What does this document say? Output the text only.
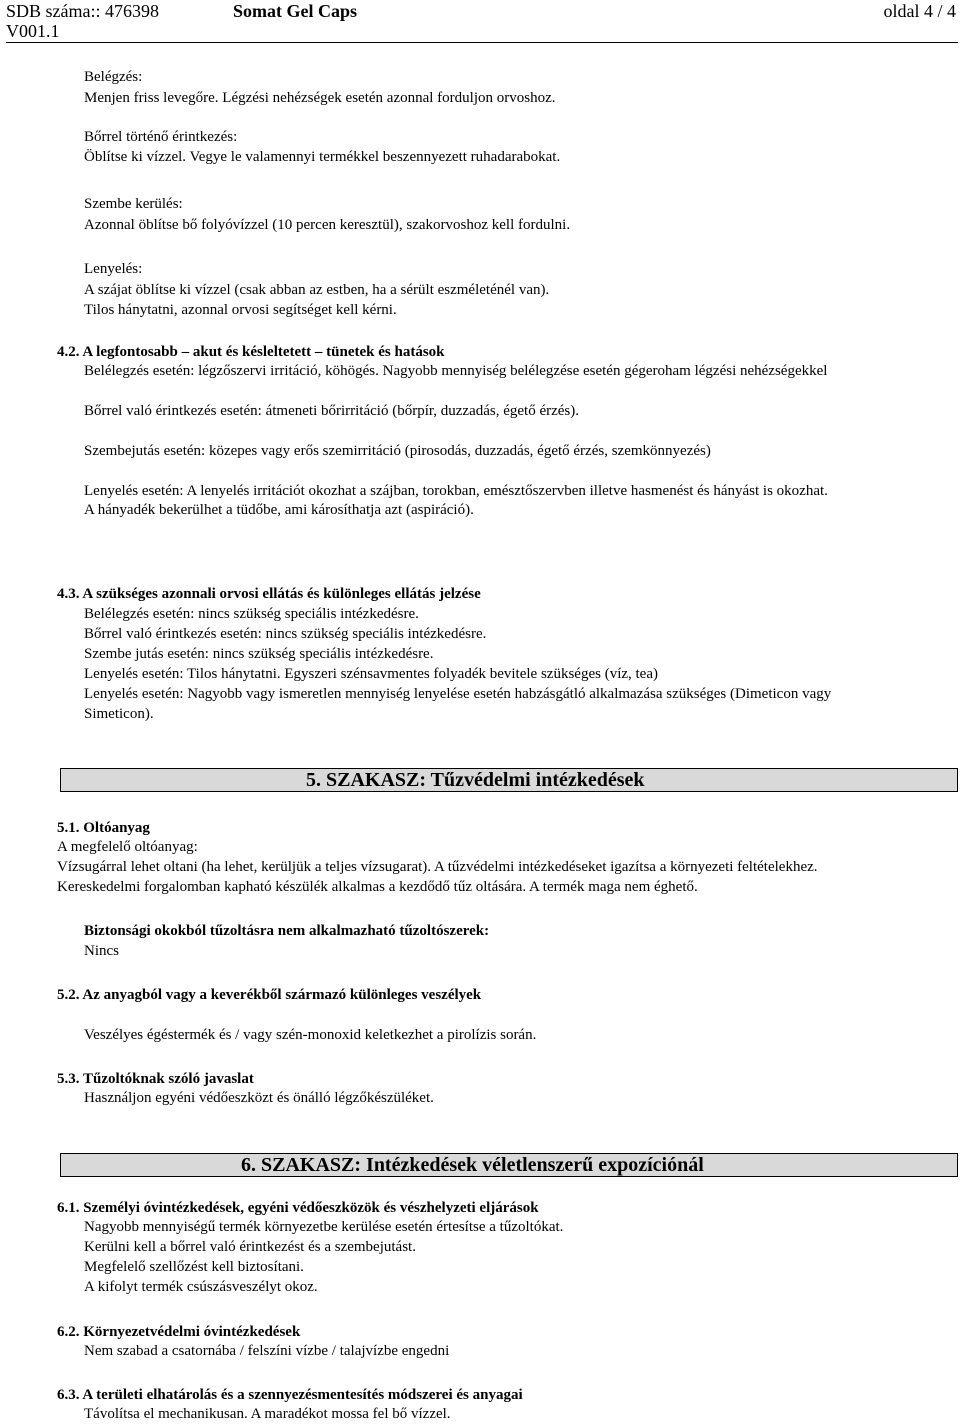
SDB száma:: 476398
V001.1
Somat Gel Caps	oldal 4 / 4
Belégzés:
Menjen friss levegőre. Légzési nehézségek esetén azonnal forduljon orvoshoz.
Bőrrel történő érintkezés:
Öblítse ki vízzel. Vegye le valamennyi termékkel beszennyezett ruhadarabokat.
Szembe kerülés:
Azonnal öblítse bő folyóvízzel (10 percen keresztül), szakorvoshoz kell fordulni.
Lenyelés:
A szájat öblítse ki vízzel (csak abban az estben, ha a sérült eszméleténél van).
Tilos hánytatni, azonnal orvosi segítséget kell kérni.
4.2. A legfontosabb – akut és késleltetett – tünetek és hatások
Belélegzés esetén: légzőszervi irritáció, köhögés. Nagyobb mennyiség belélegzése esetén gégeroham légzési nehézségekkel
Bőrrel való érintkezés esetén: átmeneti bőrirritáció (bőrpír, duzzadás, égető érzés).
Szembejutás esetén: közepes vagy erős szemirritáció (pirosodás, duzzadás, égető érzés, szemkönnyezés)
Lenyelés esetén: A lenyelés irritációt okozhat a szájban, torokban, emésztőszervben illetve hasmenést és hányást is okozhat.
A hányadék bekerülhet a tüdőbe, ami károsíthatja azt (aspiráció).
4.3. A szükséges azonnali orvosi ellátás és különleges ellátás jelzése
Belélegzés esetén: nincs szükség speciális intézkedésre.
Bőrrel való érintkezés esetén: nincs szükség speciális intézkedésre.
Szembe jutás esetén: nincs szükség speciális intézkedésre.
Lenyelés esetén: Tilos hánytatni. Egyszeri szénsavmentes folyadék bevitele szükséges (víz, tea)
Lenyelés esetén: Nagyobb vagy ismeretlen mennyiség lenyelése esetén habzásgátló alkalmazása szükséges (Dimeticon vagy
Simeticon).
5. SZAKASZ: Tűzvédelmi intézkedések
5.1. Oltóanyag
A megfelelő oltóanyag:
Vízsugárral lehet oltani (ha lehet, kerüljük a teljes vízsugarat). A tűzvédelmi intézkedéseket igazítsa a környezeti feltételekhez.
Kereskedelmi forgalomban kapható készülék alkalmas a kezdődő tűz oltására. A termék maga nem éghető.
Biztonsági okokból tűzoltásra nem alkalmazható tűzoltószerek:
Nincs
5.2. Az anyagból vagy a keverékből származó különleges veszélyek
Veszélyes égéstermék és / vagy szén-monoxid keletkezhet a pirolízis során.
5.3. Tűzoltóknak szóló javaslat
Használjon egyéni védőeszközt és önálló légzőkészüléket.
6. SZAKASZ: Intézkedések véletlenszerű expozíciónál
6.1. Személyi óvintézkedések, egyéni védőeszközök és vészhelyzeti eljárások
Nagyobb mennyiségű termék környezetbe kerülése esetén értesítse a tűzoltókat.
Kerülni kell a bőrrel való érintkezést és a szembejutást.
Megfelelő szellőzést kell biztosítani.
A kifolyt termék csúszásveszélyt okoz.
6.2. Környezetvédelmi óvintézkedések
Nem szabad a csatornába / felszíni vízbe / talajvízbe engedni
6.3. A területi elhatárolás és a szennyezésmentesítés módszerei és anyagai
Távolítsa el mechanikusan. A maradékot mossa fel bő vízzel.
